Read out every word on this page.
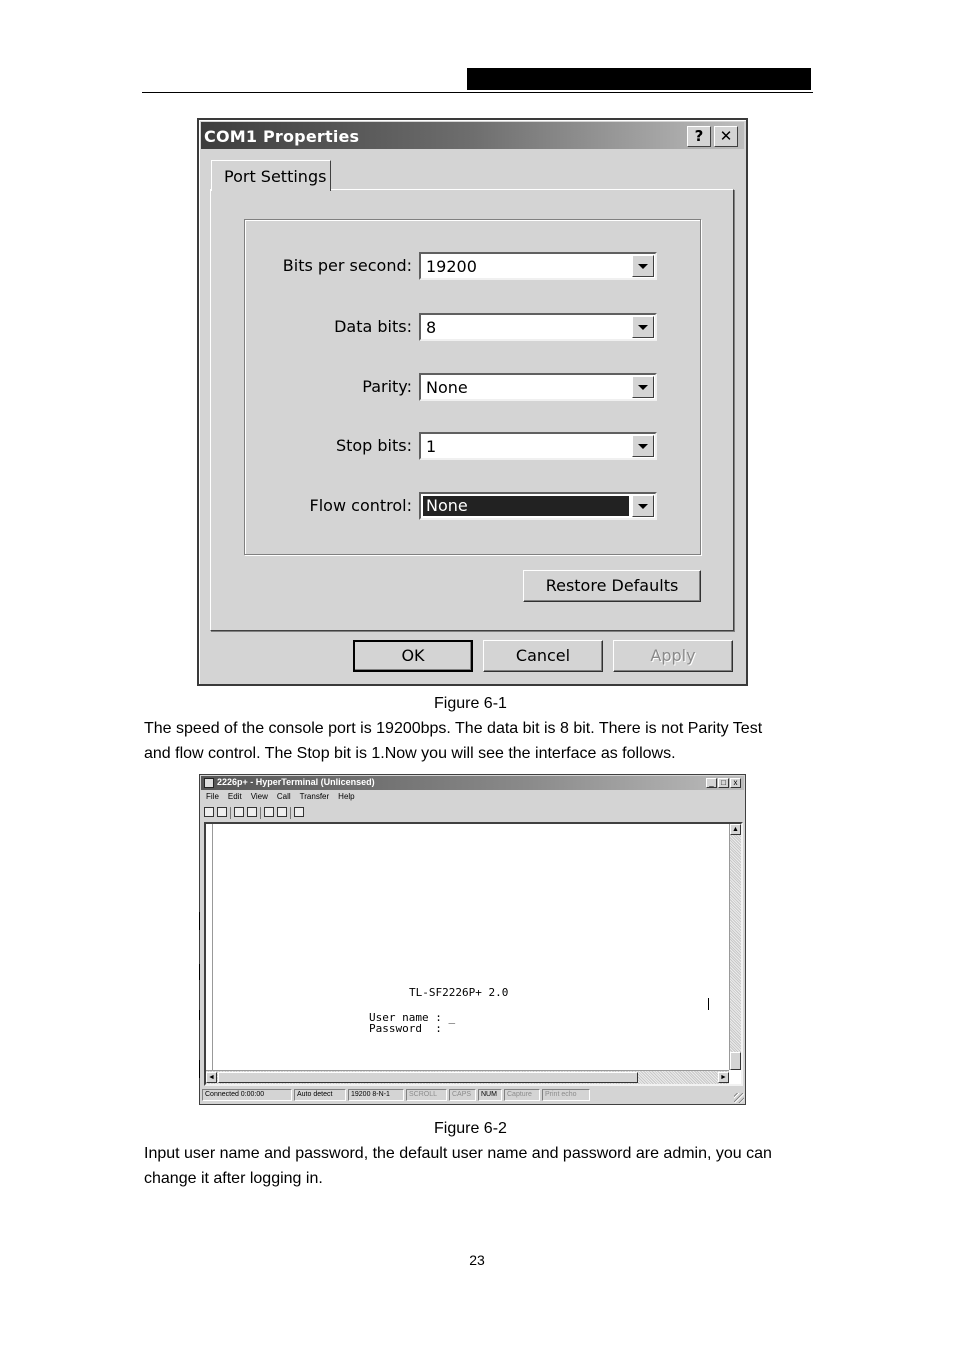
COM1 Properties	?	✕
Port Settings
Bits per second: 19200
Data bits: 8
Parity: None
Stop bits: 1
Flow control: None
Restore Defaults
OK	Cancel	Apply
Figure 6-1
The speed of the console port is 19200bps. The data bit is 8 bit. There is not Parity Test
and flow control. The Stop bit is 1.Now you will see the interface as follows.
2226p+ - HyperTerminal (Unlicensed)	_ □ x
File Edit View Call Transfer Help
TL-SF2226P+ 2.0
User name : _
Password  :
▲
◄	►
Connected 0:00:00	Auto detect	19200 8-N-1	SCROLL	CAPS	NUM	Capture	Print echo
Figure 6-2
Input user name and password, the default user name and password are admin, you can
change it after logging in.
23
